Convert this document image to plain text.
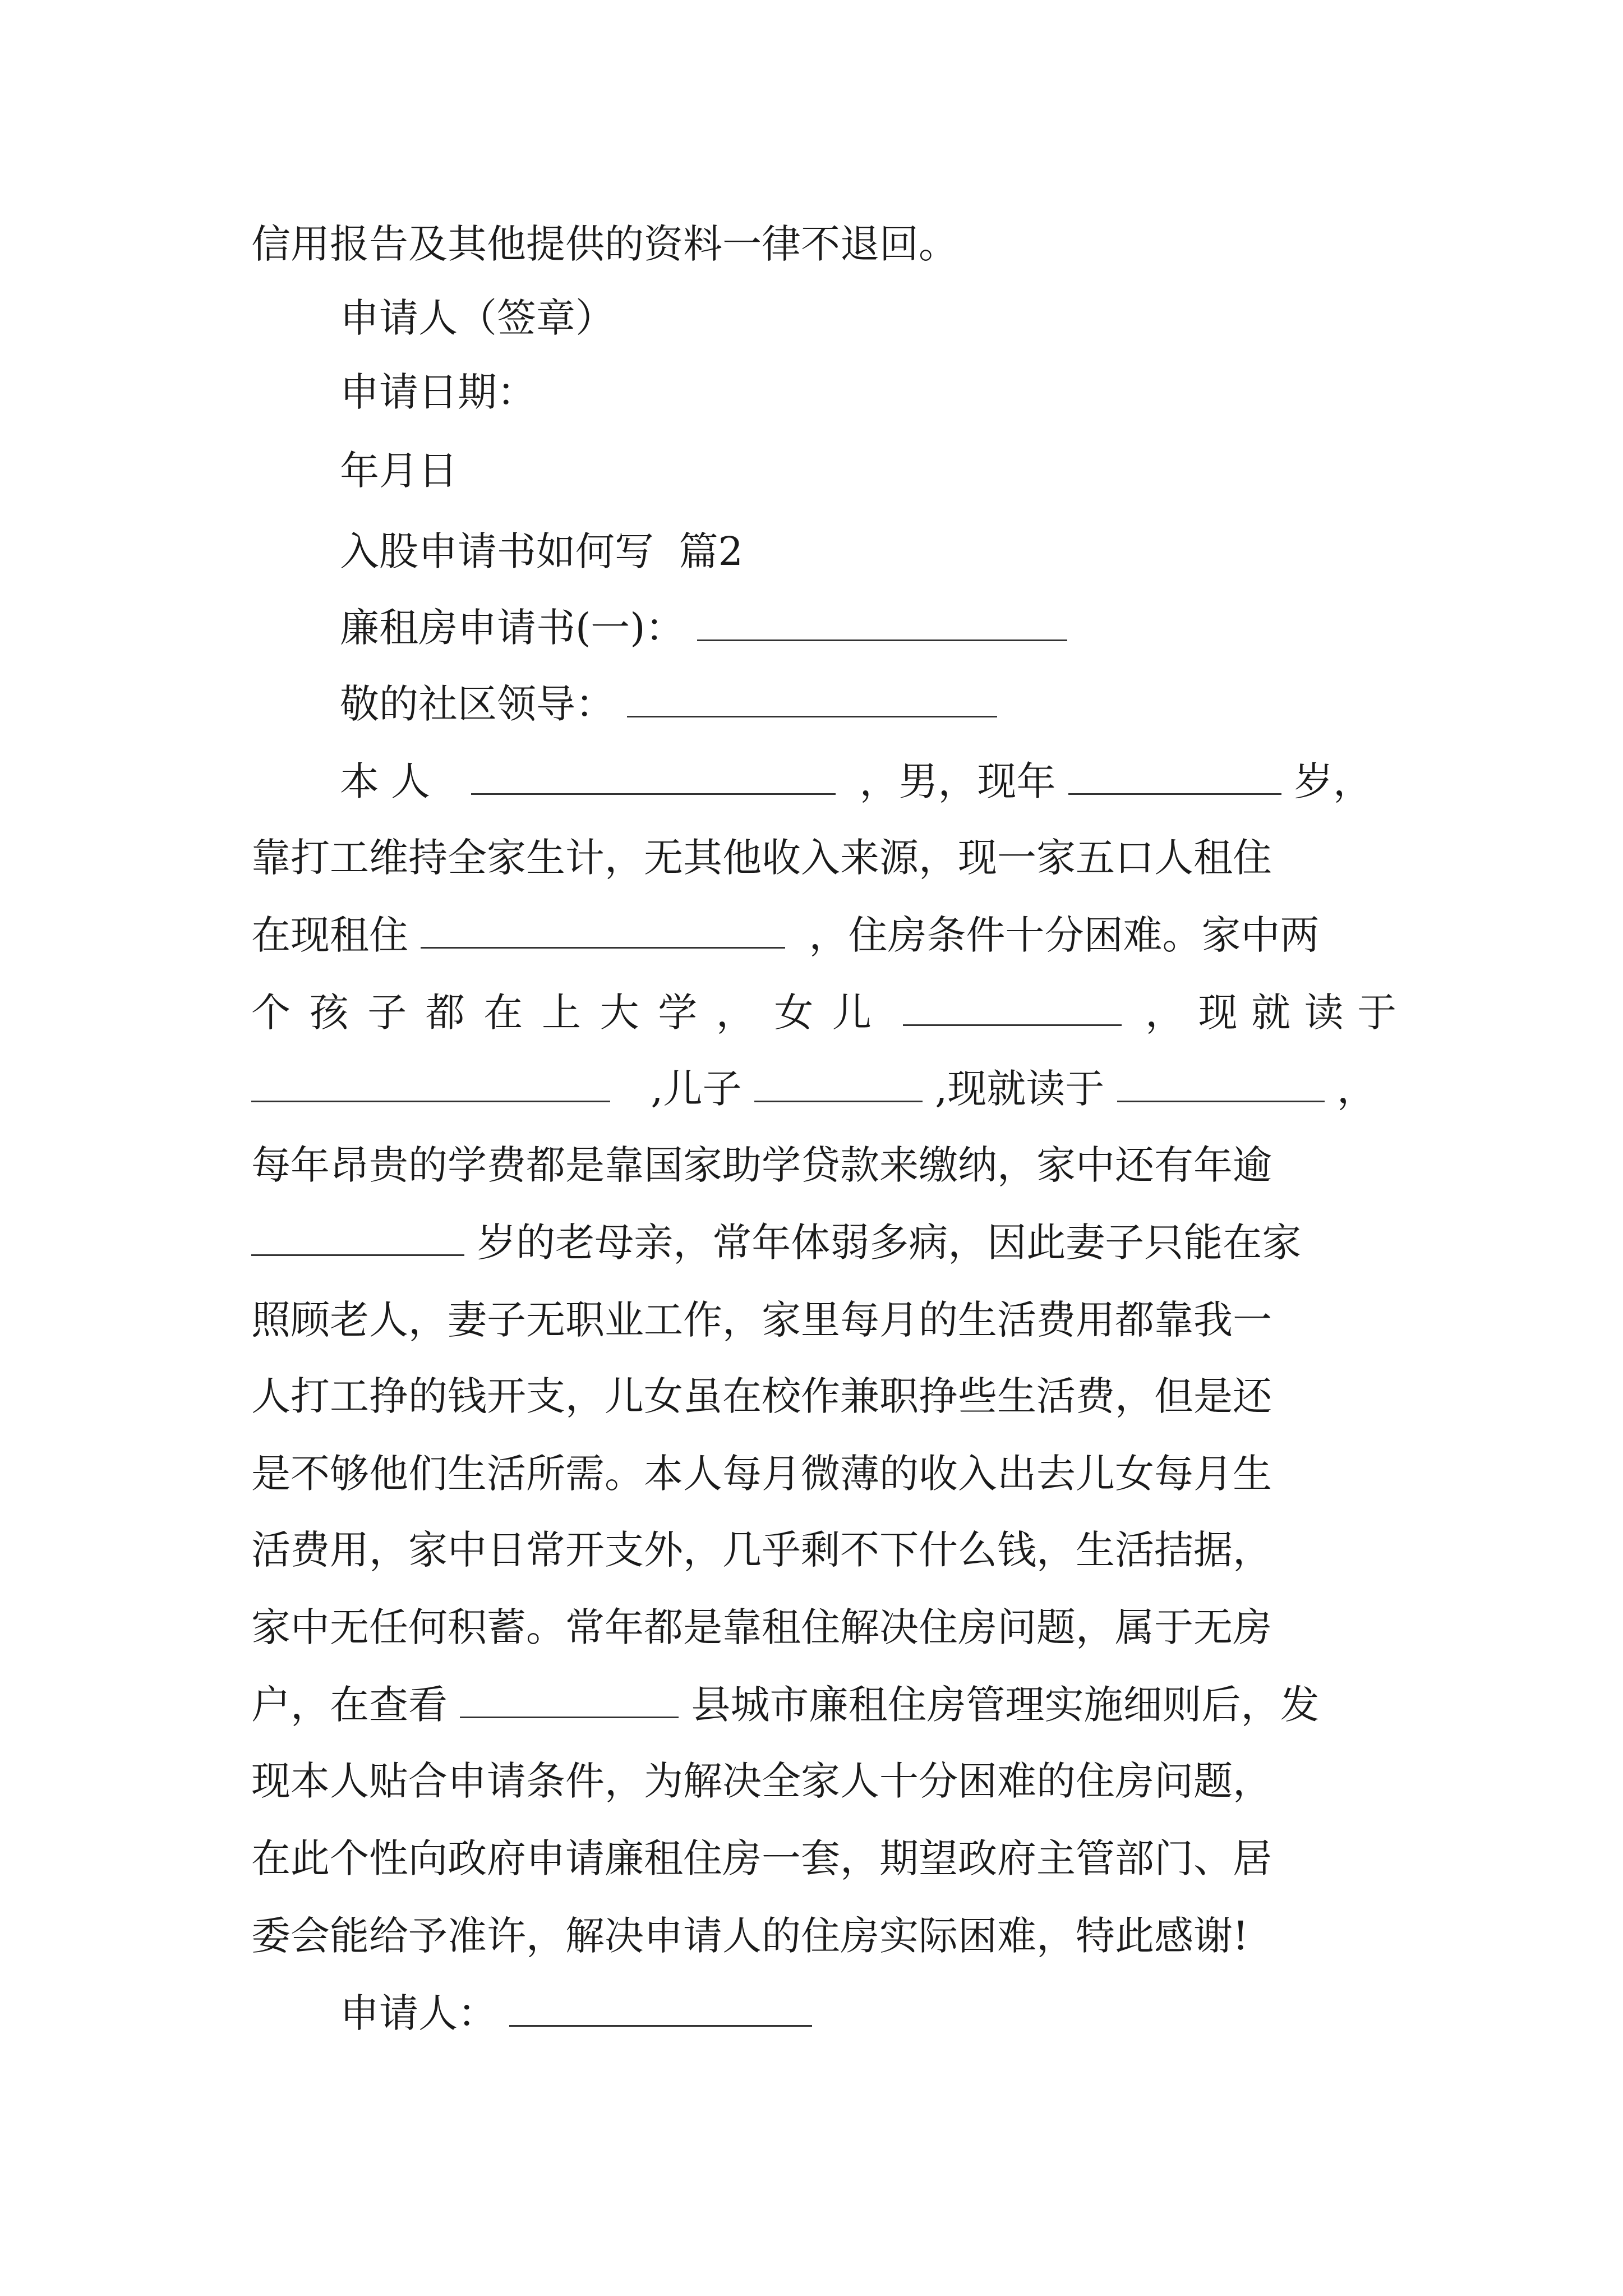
信用报告及其他提供的资料一律不退回。
申请人（签章）
申请日期：
年月日
入股申请书如何写  篇2
廉租房申请书(一)：
敬的社区领导：
本人	，男，现年	岁，
靠打工维持全家生计，无其他收入来源，现一家五口人租住
在现租住	，住房条件十分困难。家中两
个孩子都在上大学，女儿	，现就读于
,儿子	,现就读于	，
每年昂贵的学费都是靠国家助学贷款来缴纳，家中还有年逾
岁的老母亲，常年体弱多病，因此妻子只能在家
照顾老人，妻子无职业工作，家里每月的生活费用都靠我一
人打工挣的钱开支，儿女虽在校作兼职挣些生活费，但是还
是不够他们生活所需。本人每月微薄的收入出去儿女每月生
活费用，家中日常开支外，几乎剩不下什么钱，生活拮据，
家中无任何积蓄。常年都是靠租住解决住房问题，属于无房
户，在查看	县城市廉租住房管理实施细则后，发
现本人贴合申请条件，为解决全家人十分困难的住房问题，
在此个性向政府申请廉租住房一套，期望政府主管部门、居
委会能给予准许，解决申请人的住房实际困难，特此感谢!
申请人：
